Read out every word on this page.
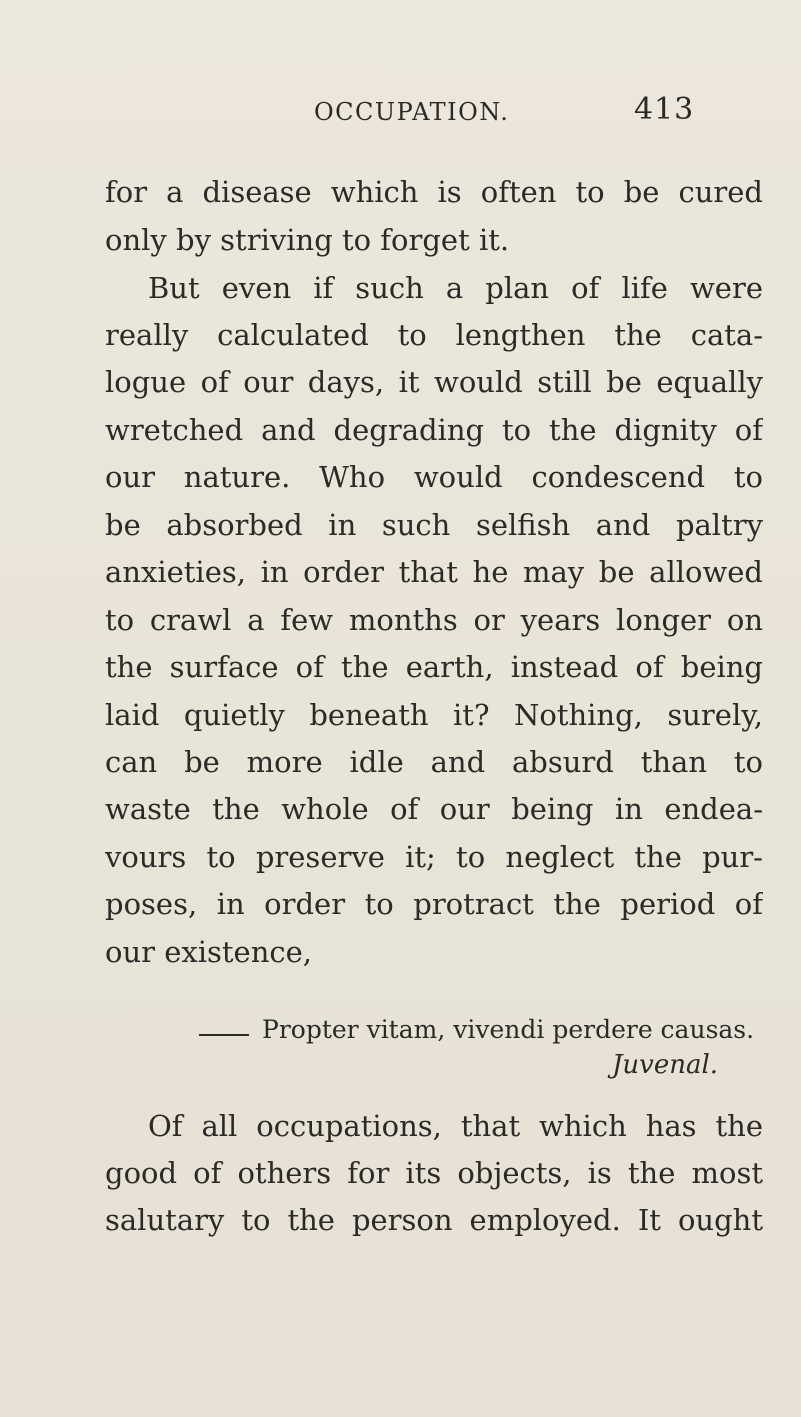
OCCUPATION.	413
for a disease which is often to be cured
only by striving to forget it.
But even if such a plan of life were
really calculated to lengthen the cata-
logue of our days, it would still be equally
wretched and degrading to the dignity of
our nature. Who would condescend to
be absorbed in such selfish and paltry
anxieties, in order that he may be allowed
to crawl a few months or years longer on
the surface of the earth, instead of being
laid quietly beneath it? Nothing, surely,
can be more idle and absurd than to
waste the whole of our being in endea-
vours to preserve it; to neglect the pur-
poses, in order to protract the period of
our existence,
Propter vitam, vivendi perdere causas.
Juvenal.
Of all occupations, that which has the
good of others for its objects, is the most
salutary to the person employed. It ought
